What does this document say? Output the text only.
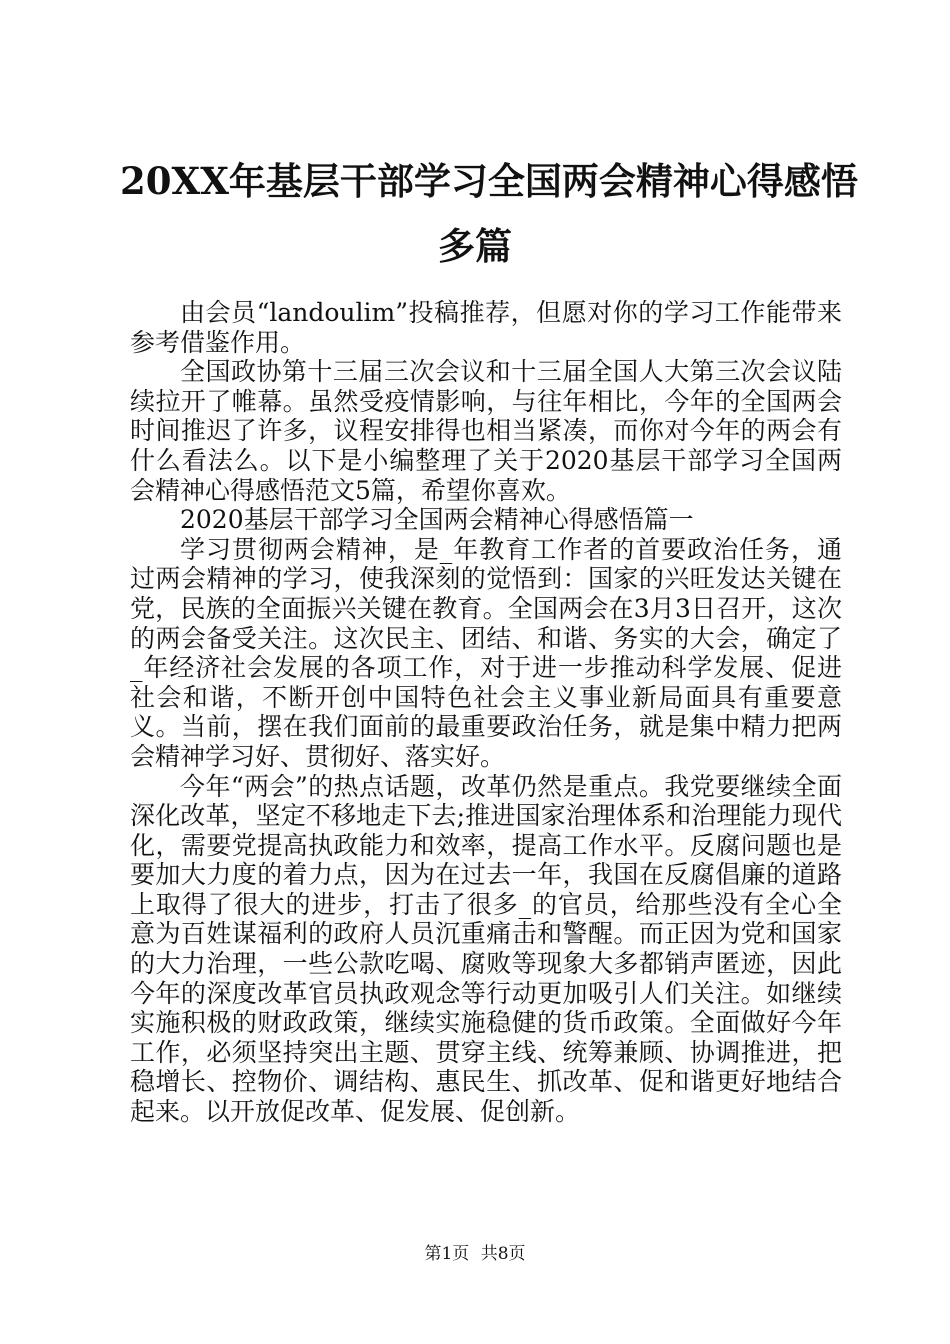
20XX年基层干部学习全国两会精神心得感悟
多篇

由会员“landoulim”投稿推荐，但愿对你的学习工作能带来参考借鉴作用。

全国政协第十三届三次会议和十三届全国人大第三次会议陆续拉开了帷幕。虽然受疫情影响，与往年相比，今年的全国两会时间推迟了许多，议程安排得也相当紧凑，而你对今年的两会有什么看法么。以下是小编整理了关于2020基层干部学习全国两会精神心得感悟范文5篇，希望你喜欢。

2020基层干部学习全国两会精神心得感悟篇一

学习贯彻两会精神，是_年教育工作者的首要政治任务，通过两会精神的学习，使我深刻的觉悟到：国家的兴旺发达关键在党，民族的全面振兴关键在教育。全国两会在3月3日召开，这次的两会备受关注。这次民主、团结、和谐、务实的大会，确定了_年经济社会发展的各项工作，对于进一步推动科学发展、促进社会和谐，不断开创中国特色社会主义事业新局面具有重要意义。当前，摆在我们面前的最重要政治任务，就是集中精力把两会精神学习好、贯彻好、落实好。

今年“两会”的热点话题，改革仍然是重点。我党要继续全面深化改革，坚定不移地走下去;推进国家治理体系和治理能力现代化，需要党提高执政能力和效率，提高工作水平。反腐问题也是要加大力度的着力点，因为在过去一年，我国在反腐倡廉的道路上取得了很大的进步，打击了很多_的官员，给那些没有全心全意为百姓谋福利的政府人员沉重痛击和警醒。而正因为党和国家的大力治理，一些公款吃喝、腐败等现象大多都销声匿迹，因此今年的深度改革官员执政观念等行动更加吸引人们关注。如继续实施积极的财政政策，继续实施稳健的货币政策。全面做好今年工作，必须坚持突出主题、贯穿主线、统筹兼顾、协调推进，把稳增长、控物价、调结构、惠民生、抓改革、促和谐更好地结合起来。以开放促改革、促发展、促创新。

第1页 共8页
